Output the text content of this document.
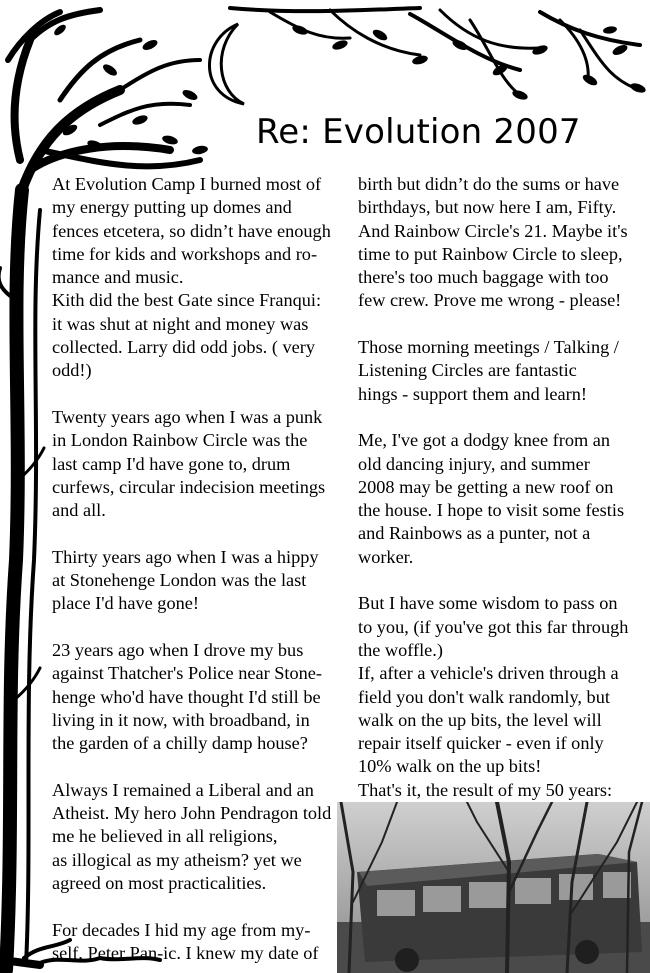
Re: Evolution 2007

At Evolution Camp I burned most of
my energy putting up domes and
fences etcetera, so didn’t have enough
time for kids and workshops and ro-
mance and music.
Kith did the best Gate since Franqui:
it was shut at night and money was
collected. Larry did odd jobs. ( very
odd!)

Twenty years ago when I was a punk
in London Rainbow Circle was the
last camp I'd have gone to, drum
curfews, circular indecision meetings
and all.

Thirty years ago when I was a hippy
at Stonehenge London was the last
place I'd have gone!

23 years ago when I drove my bus
against Thatcher's Police near Stone-
henge who'd have thought I'd still be
living in it now, with broadband, in
the garden of a chilly damp house?

Always I remained a Liberal and an
Atheist. My hero John Pendragon told
me he believed in all religions,
as illogical as my atheism? yet we
agreed on most practicalities.

For decades I hid my age from my-
self, Peter Pan-ic. I knew my date of

birth but didn’t do the sums or have
birthdays, but now here I am, Fifty.
And Rainbow Circle's 21. Maybe it's
time to put Rainbow Circle to sleep,
there's too much baggage with too
few crew. Prove me wrong - please!

Those morning meetings / Talking /
Listening Circles are fantastic
hings - support them and learn!

Me, I've got a dodgy knee from an
old dancing injury, and summer
2008 may be getting a new roof on
the house. I hope to visit some festis
and Rainbows as a punter, not a
worker.

But I have some wisdom to pass on
to you, (if you've got this far through
the woffle.)
If, after a vehicle's driven through a
field you don't walk randomly, but
walk on the up bits, the level will
repair itself quicker - even if only
10% walk on the up bits!
That's it, the result of my 50 years:
